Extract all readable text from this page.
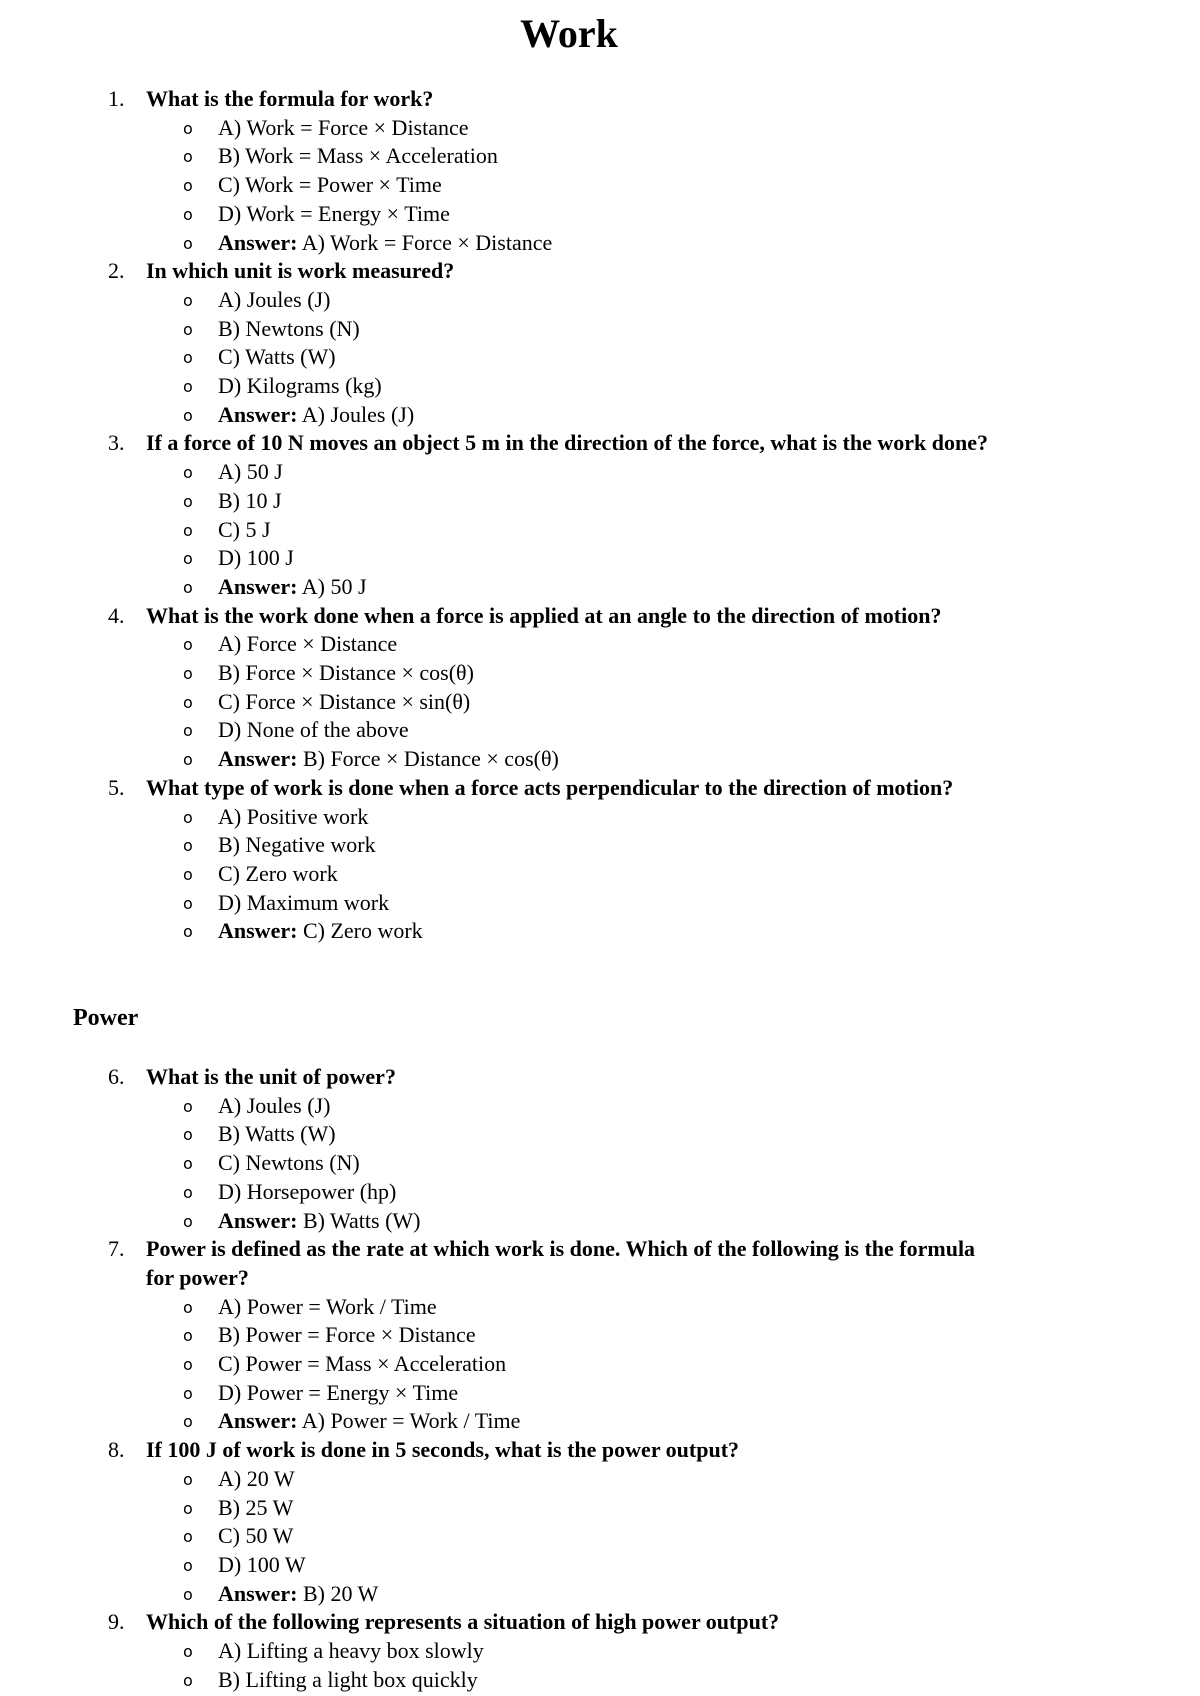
Work
1. What is the formula for work?
o A) Work = Force × Distance
o B) Work = Mass × Acceleration
o C) Work = Power × Time
o D) Work = Energy × Time
o Answer: A) Work = Force × Distance
2. In which unit is work measured?
o A) Joules (J)
o B) Newtons (N)
o C) Watts (W)
o D) Kilograms (kg)
o Answer: A) Joules (J)
3. If a force of 10 N moves an object 5 m in the direction of the force, what is the work done?
o A) 50 J
o B) 10 J
o C) 5 J
o D) 100 J
o Answer: A) 50 J
4. What is the work done when a force is applied at an angle to the direction of motion?
o A) Force × Distance
o B) Force × Distance × cos(θ)
o C) Force × Distance × sin(θ)
o D) None of the above
o Answer: B) Force × Distance × cos(θ)
5. What type of work is done when a force acts perpendicular to the direction of motion?
o A) Positive work
o B) Negative work
o C) Zero work
o D) Maximum work
o Answer: C) Zero work
Power
6. What is the unit of power?
o A) Joules (J)
o B) Watts (W)
o C) Newtons (N)
o D) Horsepower (hp)
o Answer: B) Watts (W)
7. Power is defined as the rate at which work is done. Which of the following is the formula for power?
o A) Power = Work / Time
o B) Power = Force × Distance
o C) Power = Mass × Acceleration
o D) Power = Energy × Time
o Answer: A) Power = Work / Time
8. If 100 J of work is done in 5 seconds, what is the power output?
o A) 20 W
o B) 25 W
o C) 50 W
o D) 100 W
o Answer: B) 20 W
9. Which of the following represents a situation of high power output?
o A) Lifting a heavy box slowly
o B) Lifting a light box quickly
